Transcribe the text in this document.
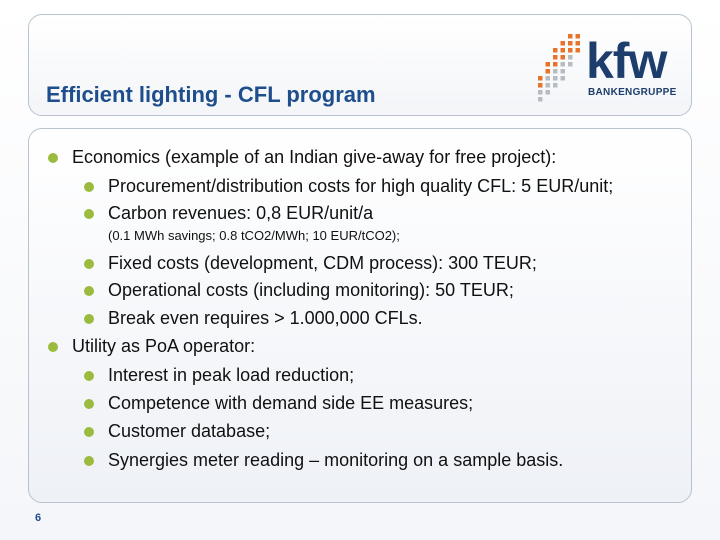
Efficient lighting - CFL program
kfw
BANKENGRUPPE
Economics (example of an Indian give-away for free project):
Procurement/distribution costs for high quality CFL: 5 EUR/unit;
Carbon revenues: 0,8 EUR/unit/a
(0.1 MWh savings; 0.8 tCO2/MWh; 10 EUR/tCO2);
Fixed costs (development, CDM process): 300 TEUR;
Operational costs (including monitoring): 50 TEUR;
Break even requires > 1.000,000 CFLs.
Utility as PoA operator:
Interest in peak load reduction;
Competence with demand side EE measures;
Customer database;
Synergies meter reading – monitoring on a sample basis.
6
